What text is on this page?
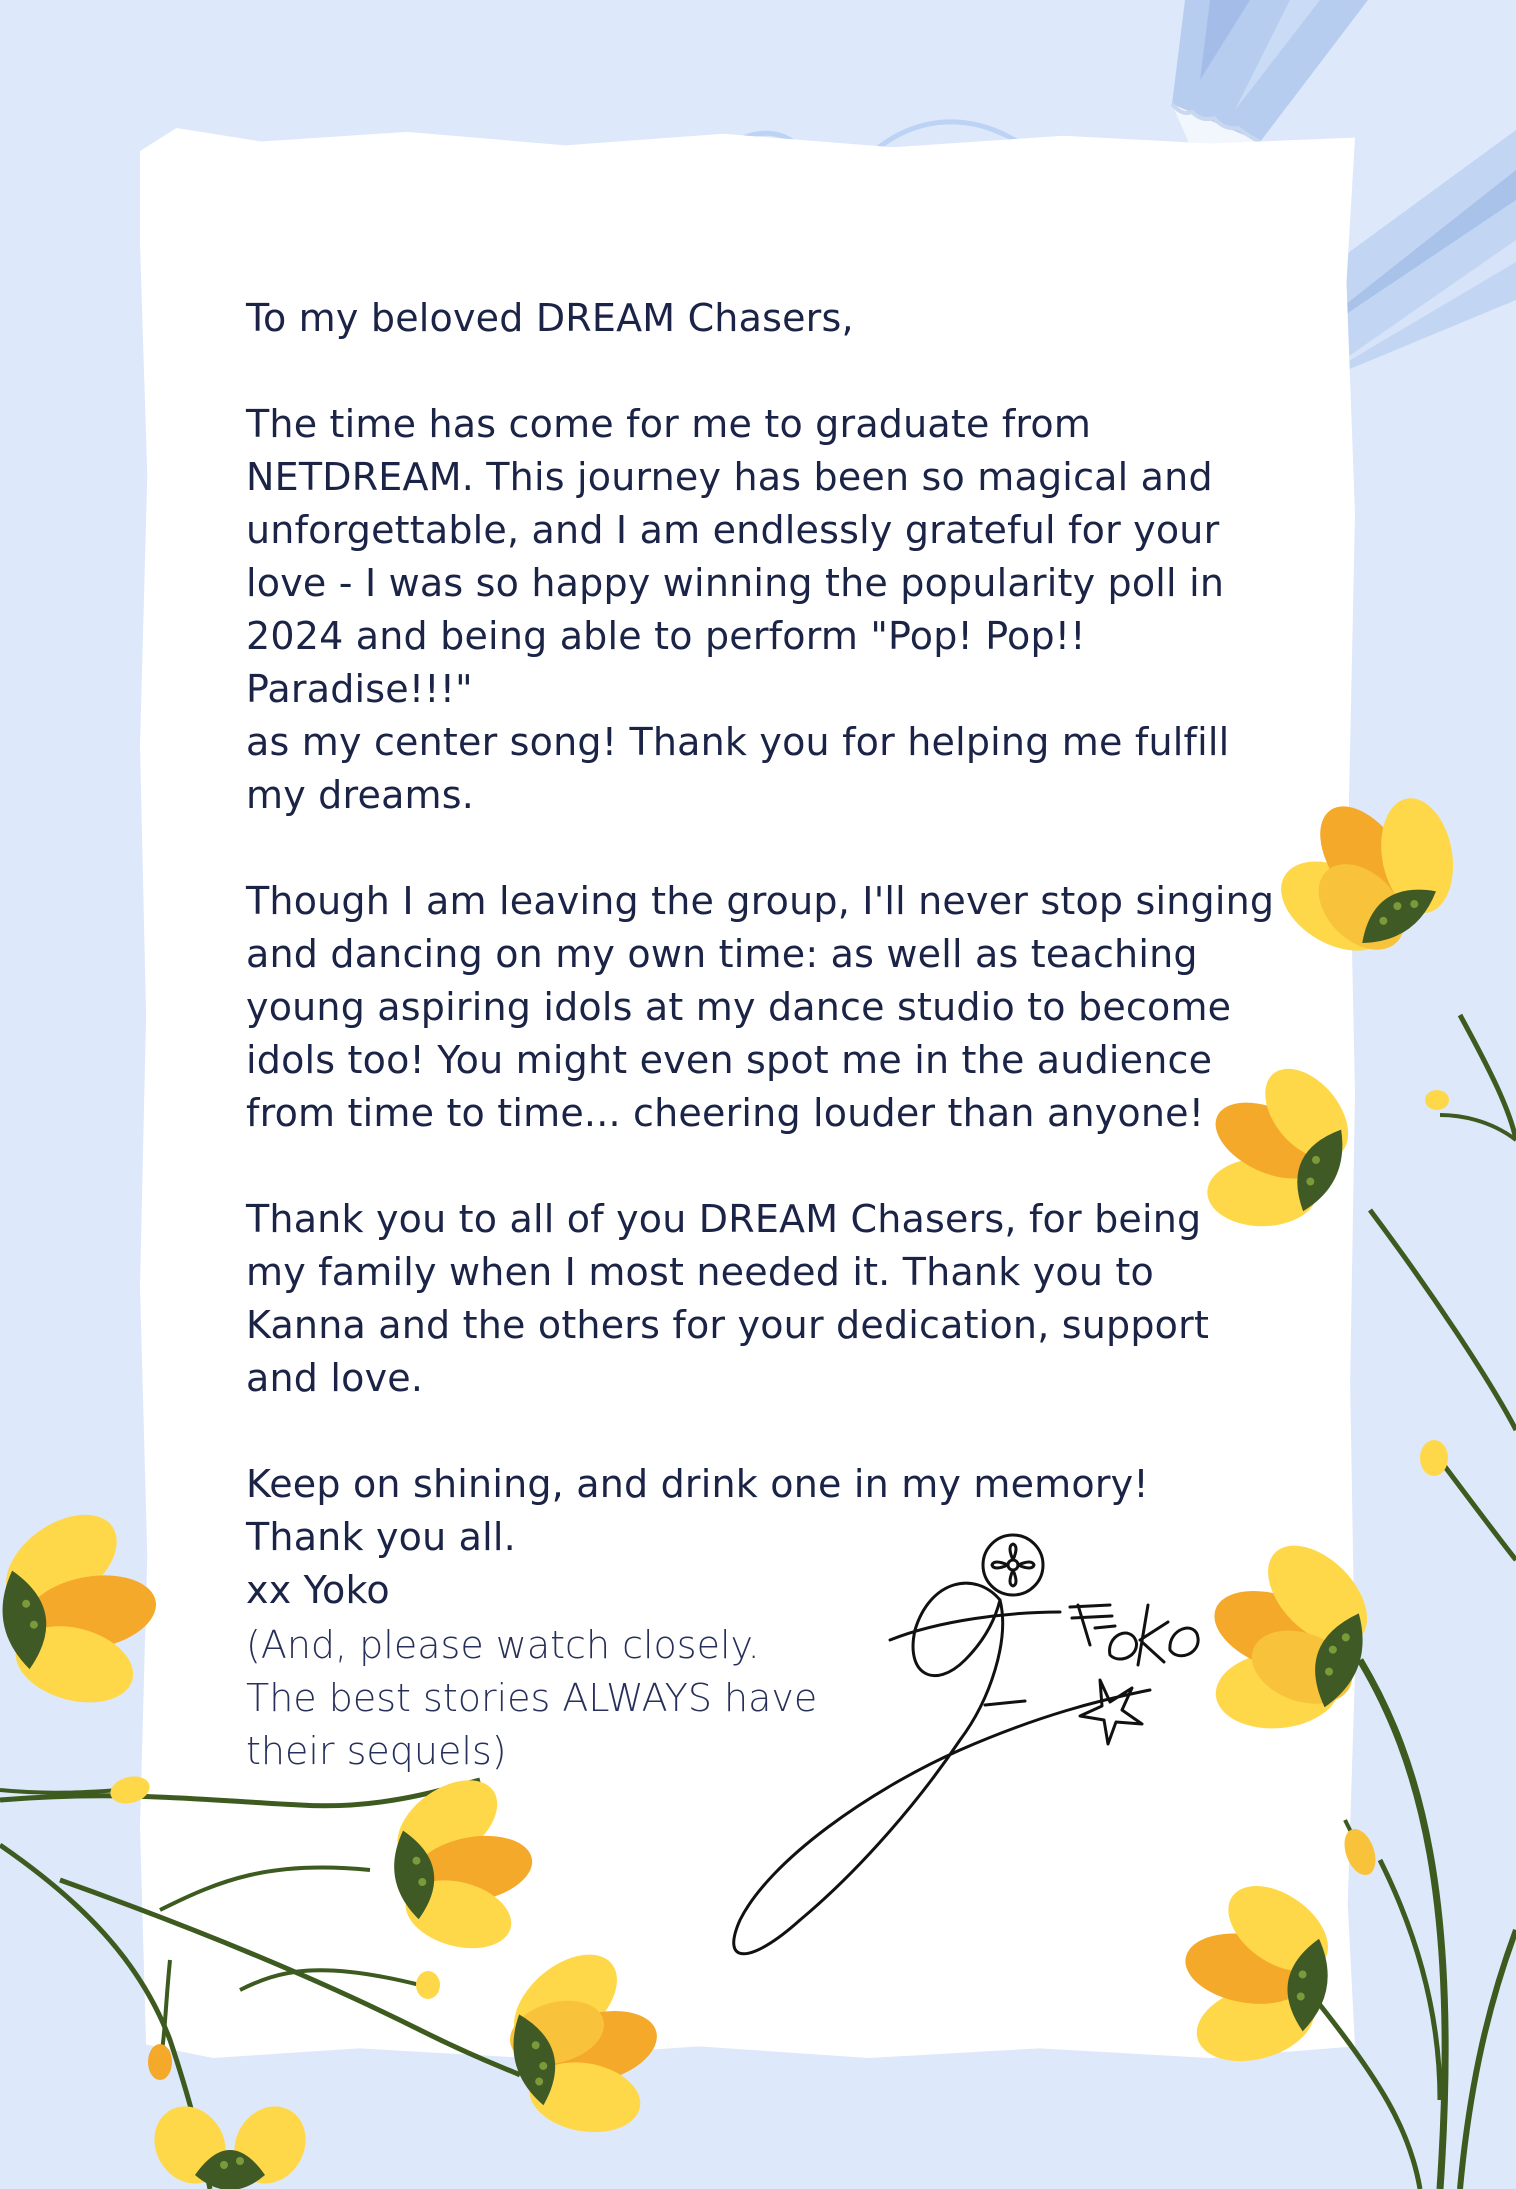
To my beloved DREAM Chasers,

The time has come for me to graduate from
NETDREAM. This journey has been so magical and
unforgettable, and I am endlessly grateful for your
love - I was so happy winning the popularity poll in
2024 and being able to perform "Pop! Pop!! Paradise!!!"
as my center song! Thank you for helping me fulfill
my dreams.

Though I am leaving the group, I'll never stop singing
and dancing on my own time: as well as teaching
young aspiring idols at my dance studio to become
idols too! You might even spot me in the audience
from time to time... cheering louder than anyone!

Thank you to all of you DREAM Chasers, for being
my family when I most needed it. Thank you to
Kanna and the others for your dedication, support
and love.

Keep on shining, and drink one in my memory!
Thank you all.
xx Yoko

(And, please watch closely.
The best stories ALWAYS have
their sequels)
